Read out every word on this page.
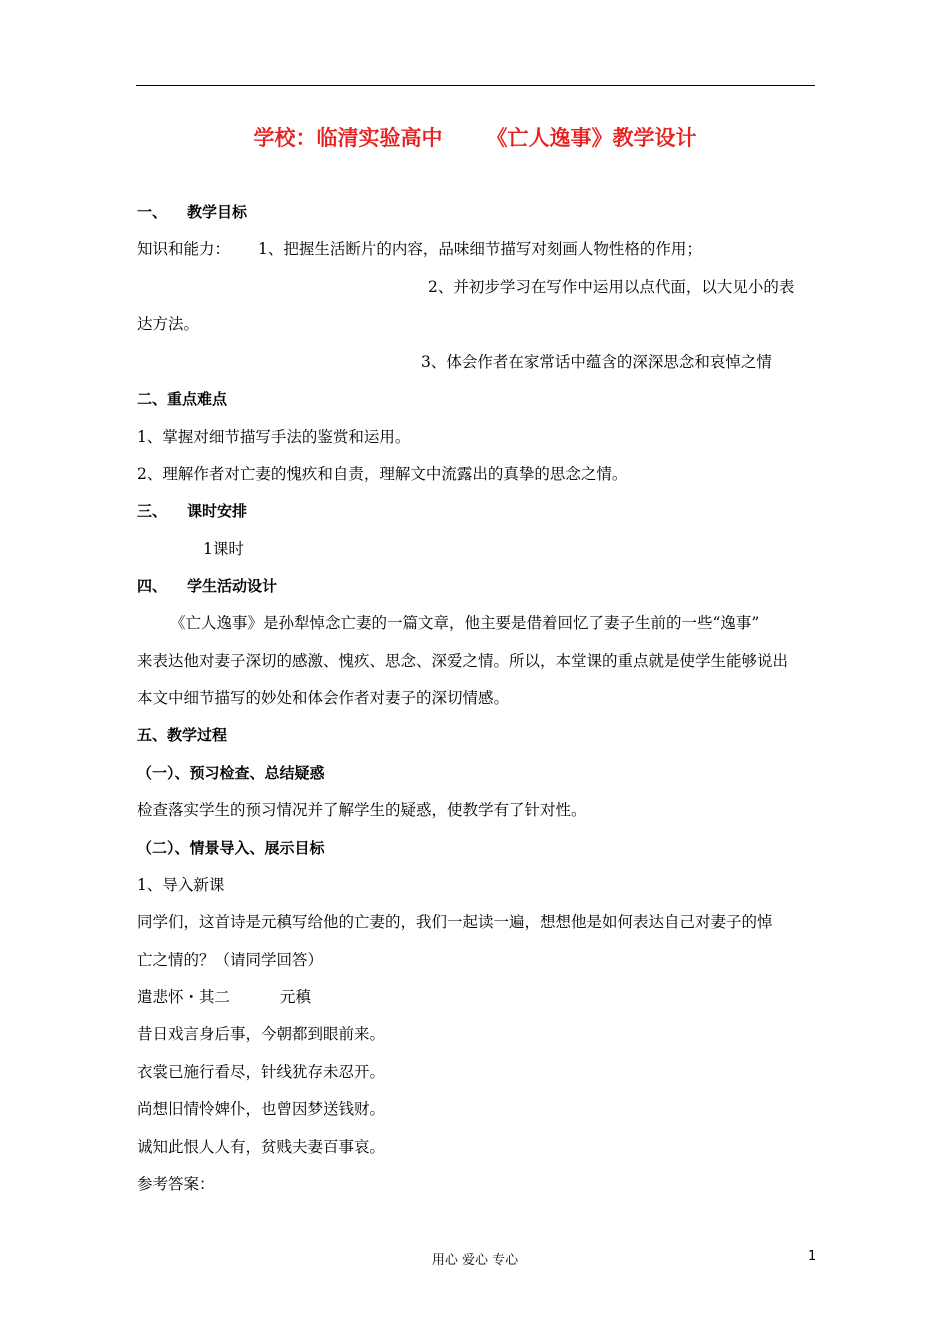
学校：临清实验高中 《亡人逸事》教学设计
一、 教学目标
知识和能力： 1、把握生活断片的内容，品味细节描写对刻画人物性格的作用；
2、并初步学习在写作中运用以点代面，以大见小的表
达方法。
3、体会作者在家常话中蕴含的深深思念和哀悼之情
二、重点难点
1、掌握对细节描写手法的鉴赏和运用。
2、理解作者对亡妻的愧疚和自责，理解文中流露出的真挚的思念之情。
三、 课时安排
1课时
四、 学生活动设计
《亡人逸事》是孙犁悼念亡妻的一篇文章，他主要是借着回忆了妻子生前的一些“逸事”
来表达他对妻子深切的感激、愧疚、思念、深爱之情。所以，本堂课的重点就是使学生能够说出
本文中细节描写的妙处和体会作者对妻子的深切情感。
五、教学过程
（一）、预习检查、总结疑惑
检查落实学生的预习情况并了解学生的疑惑，使教学有了针对性。
（二）、情景导入、展示目标
1、导入新课
同学们，这首诗是元稹写给他的亡妻的，我们一起读一遍，想想他是如何表达自己对妻子的悼
亡之情的？（请同学回答）
遣悲怀・其二	元稹
昔日戏言身后事，今朝都到眼前来。
衣裳已施行看尽，针线犹存未忍开。
尚想旧情怜婢仆，也曾因梦送钱财。
诚知此恨人人有，贫贱夫妻百事哀。
参考答案：
用心 爱心 专心	1
